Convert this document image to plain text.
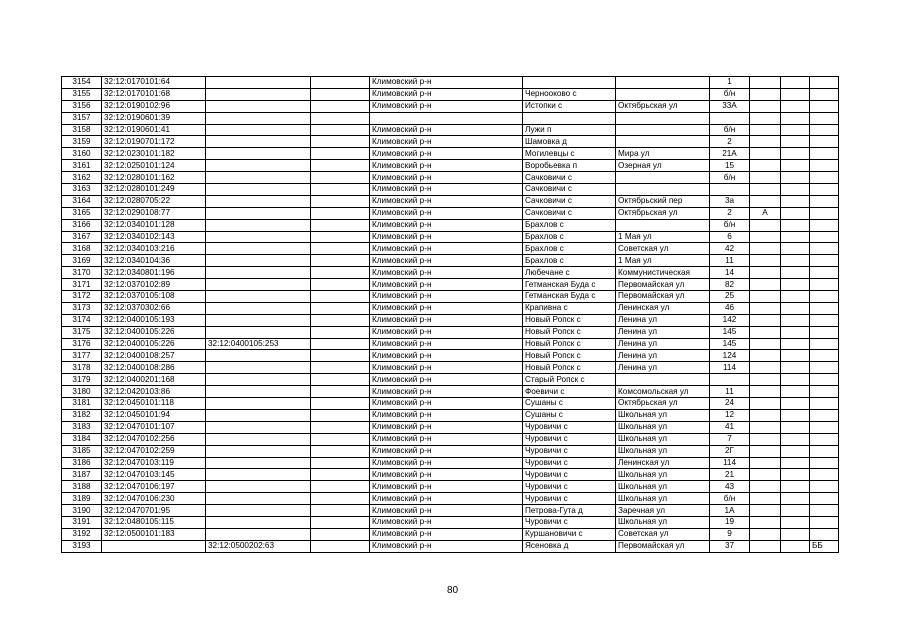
3154	32:12:0170101:64			Климовский р-н			1			
3155	32:12:0170101:68			Климовский р-н	Чернооково с		б/н			
3156	32:12:0190102:96			Климовский р-н	Истопки с	Октябрьская ул	33А			
3157	32:12:0190601:39									
3158	32:12:0190601:41			Климовский р-н	Лужи п		б/н			
3159	32:12:0190701:172			Климовский р-н	Шамовка д		2			
3160	32:12:0230101:182			Климовский р-н	Могилевцы с	Мира ул	21А			
3161	32:12:0250101:124			Климовский р-н	Воробьевка п	Озерная ул	15			
3162	32:12:0280101:162			Климовский р-н	Сачковичи с		б/н			
3163	32:12:0280101:249			Климовский р-н	Сачковичи с					
3164	32:12:0280705:22			Климовский р-н	Сачковичи с	Октябрьский пер	3а			
3165	32:12:0290108:77			Климовский р-н	Сачковичи с	Октябрьская ул	2	А		
3166	32:12:0340101:128			Климовский р-н	Брахлов с		б/н			
3167	32:12:0340102:143			Климовский р-н	Брахлов с	1 Мая ул	6			
3168	32:12:0340103:216			Климовский р-н	Брахлов с	Советская ул	42			
3169	32:12:0340104:36			Климовский р-н	Брахлов с	1 Мая ул	11			
3170	32:12:0340801:196			Климовский р-н	Любечане с	Коммунистическая	14			
3171	32:12:0370102:89			Климовский р-н	Гетманская Буда с	Первомайская ул	82			
3172	32:12:0370105:108			Климовский р-н	Гетманская Буда с	Первомайская ул	25			
3173	32:12:0370302:66			Климовский р-н	Крапивна с	Ленинская ул	46			
3174	32:12:0400105:193			Климовский р-н	Новый Ропск с	Ленина ул	142			
3175	32:12:0400105:226			Климовский р-н	Новый Ропск с	Ленина ул	145			
3176	32:12:0400105:226	32:12:0400105:253		Климовский р-н	Новый Ропск с	Ленина ул	145			
3177	32:12:0400108:257			Климовский р-н	Новый Ропск с	Ленина ул	124			
3178	32:12:0400108:286			Климовский р-н	Новый Ропск с	Ленина ул	114			
3179	32:12:0400201:168			Климовский р-н	Старый Ропск с					
3180	32:12:0420103:86			Климовский р-н	Фоевичи с	Комсомольская ул	11			
3181	32:12:0450101:118			Климовский р-н	Сушаны с	Октябрьская ул	24			
3182	32:12:0450101:94			Климовский р-н	Сушаны с	Школьная ул	12			
3183	32:12:0470101:107			Климовский р-н	Чуровичи с	Школьная ул	41			
3184	32:12:0470102:256			Климовский р-н	Чуровичи с	Школьная ул	7			
3185	32:12:0470102:259			Климовский р-н	Чуровичи с	Школьная ул	2Г			
3186	32:12:0470103:119			Климовский р-н	Чуровичи с	Ленинская ул	114			
3187	32:12:0470103:145			Климовский р-н	Чуровичи с	Школьная ул	21			
3188	32:12:0470106:197			Климовский р-н	Чуровичи с	Школьная ул	43			
3189	32:12:0470106:230			Климовский р-н	Чуровичи с	Школьная ул	б/н			
3190	32:12:0470701:95			Климовский р-н	Петрова-Гута д	Заречная ул	1А			
3191	32:12:0480105:115			Климовский р-н	Чуровичи с	Школьная ул	19			
3192	32:12:0500101:183			Климовский р-н	Куршановичи с	Советская ул	9			
3193		32:12:0500202:63		Климовский р-н	Ясеновка д	Первомайская ул	37			ББ
80
